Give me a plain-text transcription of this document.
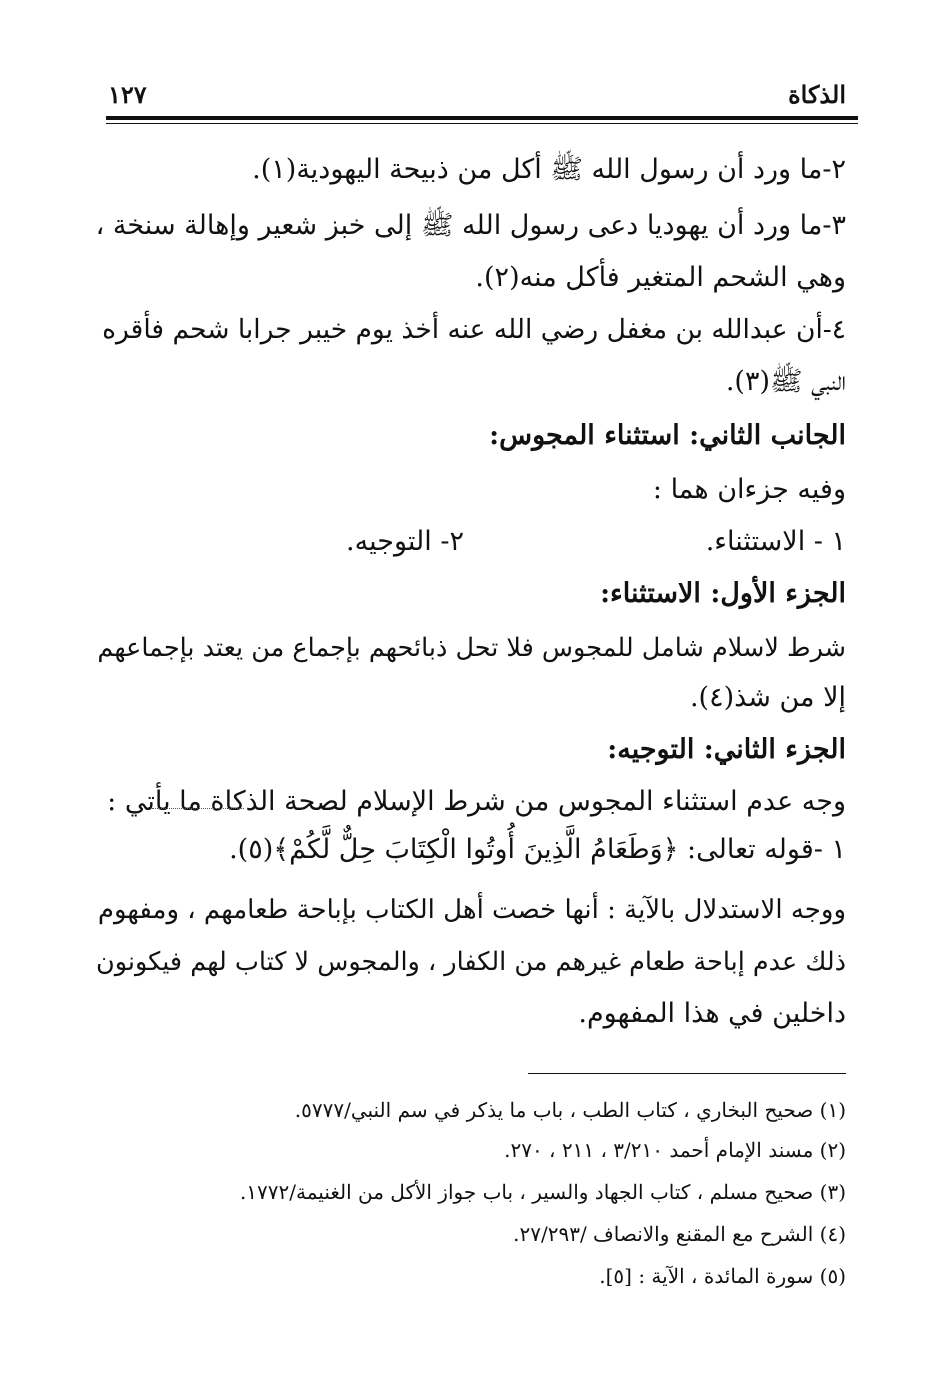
الذكاة
١٢٧
٢-ما ورد أن رسول الله ﷺ أكل من ذبيحة اليهودية(١).
٣-ما ورد أن يهوديا دعى رسول الله ﷺ إلى خبز شعير وإهالة سنخة ،
وهي الشحم المتغير فأكل منه(٢).
٤-أن عبدالله بن مغفل رضي الله عنه أخذ يوم خيبر جرابا شحم فأقره
النبي ﷺ(٣).
الجانب الثاني: استثناء المجوس:
وفيه جزءان هما :
١ - الاستثناء.
٢- التوجيه.
الجزء الأول: الاستثناء:
شرط لاسلام شامل للمجوس فلا تحل ذبائحهم بإجماع من يعتد بإجماعهم
إلا من شذ(٤).
الجزء الثاني: التوجيه:
وجه عدم استثناء المجوس من شرط الإسلام لصحة الذكاة ما يأتي :
١ -قوله تعالى: ﴿وَطَعَامُ الَّذِينَ أُوتُوا الْكِتَابَ حِلٌّ لَّكُمْ﴾(٥).
ووجه الاستدلال بالآية : أنها خصت أهل الكتاب بإباحة طعامهم ، ومفهوم
ذلك عدم إباحة طعام غيرهم من الكفار ، والمجوس لا كتاب لهم فيكونون
داخلين في هذا المفهوم.
(١) صحيح البخاري ، كتاب الطب ، باب ما يذكر في سم النبي/٥٧٧٧.
(٢) مسند الإمام أحمد ٣/٢١٠ ، ٢١١ ، ٢٧٠.
(٣) صحيح مسلم ، كتاب الجهاد والسير ، باب جواز الأكل من الغنيمة/١٧٧٢.
(٤) الشرح مع المقنع والانصاف /٢٧/٢٩٣.
(٥) سورة المائدة ، الآية : [٥].
